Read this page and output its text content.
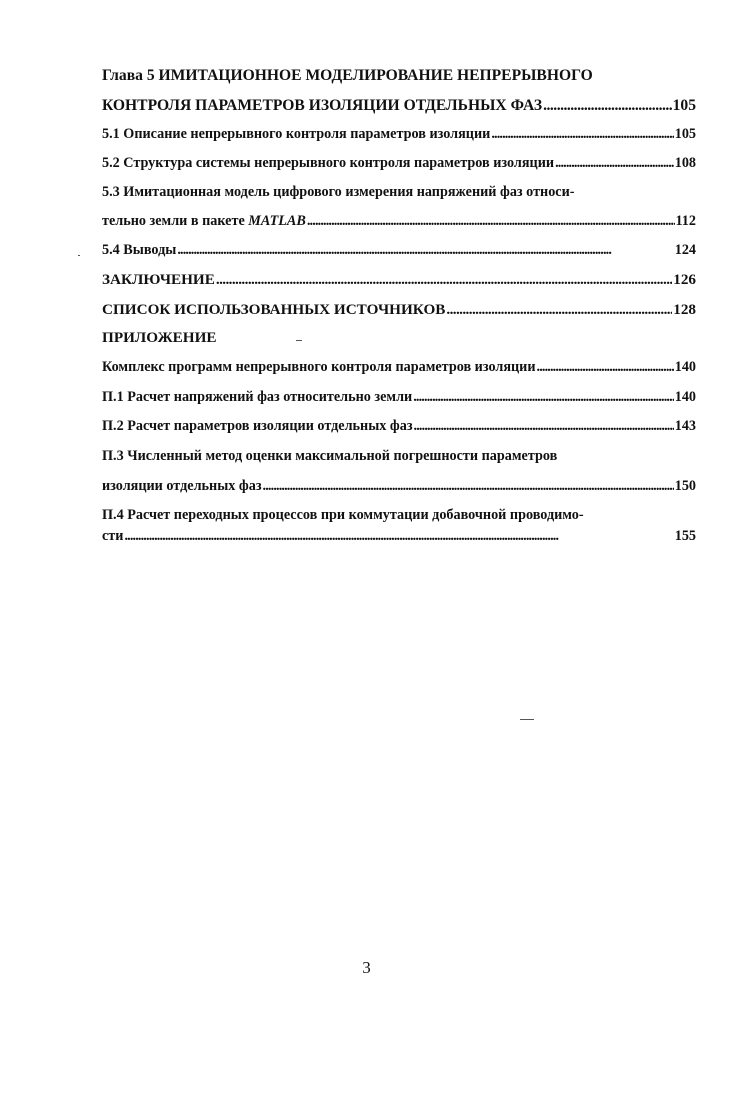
Глава 5 ИМИТАЦИОННОЕ МОДЕЛИРОВАНИЕ НЕПРЕРЫВНОГО
КОНТРОЛЯ ПАРАМЕТРОВ ИЗОЛЯЦИИ ОТДЕЛЬНЫХ ФАЗ . . .	105
5.1 Описание непрерывного контроля параметров изоляции . . .	105
5.2 Структура системы непрерывного контроля параметров изоляции . . .	108
5.3 Имитационная модель цифрового измерения напряжений фаз относи-
тельно земли в пакете MATLAB . . .	112
5.4 Выводы . . .	124
ЗАКЛЮЧЕНИЕ . . .	126
СПИСОК ИСПОЛЬЗОВАННЫХ ИСТОЧНИКОВ . . .	128
ПРИЛОЖЕНИЕ
Комплекс программ непрерывного контроля параметров изоляции . . .	140
П.1 Расчет напряжений фаз относительно земли . . .	140
П.2 Расчет параметров изоляции отдельных фаз . . .	143
П.3 Численный метод оценки максимальной погрешности параметров
изоляции отдельных фаз . . .	150
П.4 Расчет переходных процессов при коммутации добавочной проводимо-
сти . . .	155
3
